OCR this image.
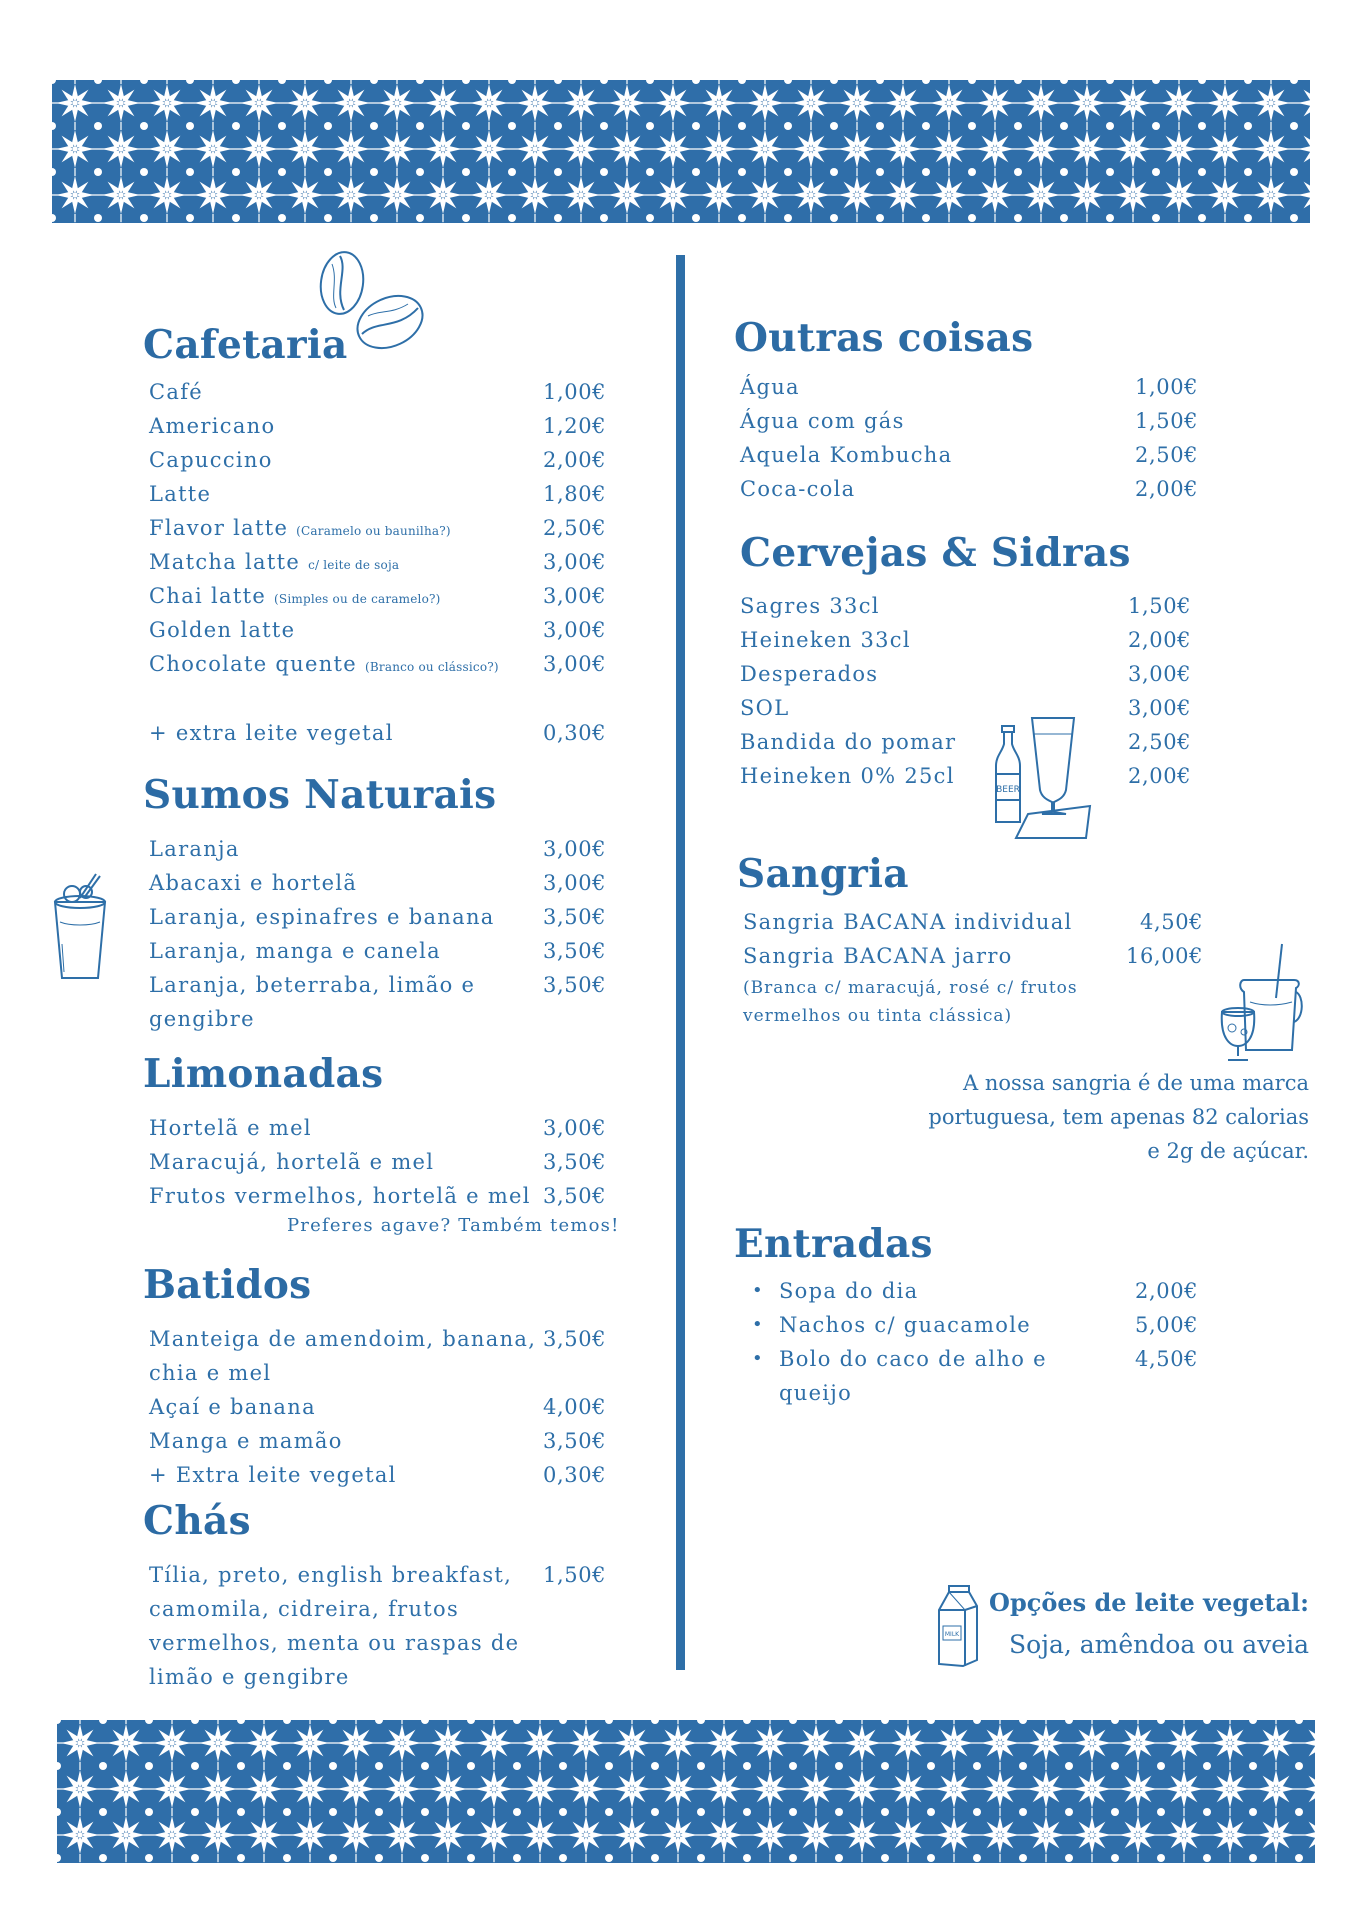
Cafetaria
Café	1,00€
Americano	1,20€
Capuccino	2,00€
Latte	1,80€
Flavor latte (Caramelo ou baunilha?)	2,50€
Matcha latte c/ leite de soja	3,00€
Chai latte (Simples ou de caramelo?)	3,00€
Golden latte	3,00€
Chocolate quente (Branco ou clássico?) 3,00€
+ extra leite vegetal	0,30€
Sumos Naturais
Laranja	3,00€
Abacaxi e hortelã	3,00€
Laranja, espinafres e banana 3,50€
Laranja, manga e canela	3,50€
Laranja, beterraba, limão e
gengibre
3,50€
Limonadas
Hortelã e mel	3,00€
Maracujá, hortelã e mel	3,50€
Frutos vermelhos, hortelã e mel 3,50€
Preferes agave? Também temos!
Batidos
Manteiga de amendoim, banana,
chia e mel
3,50€
Açaí e banana	4,00€
Manga e mamão	3,50€
+ Extra leite vegetal	0,30€
Chás
Tília, preto, english breakfast,
camomila, cidreira, frutos
vermelhos, menta ou raspas de
limão e gengibre
1,50€
Outras coisas
Água	1,00€
Água com gás	1,50€
Aquela Kombucha	2,50€
Coca-cola	2,00€
Cervejas & Sidras
Sagres 33cl	1,50€
Heineken 33cl	2,00€
Desperados	3,00€
SOL	3,00€
Bandida do pomar	2,50€
Heineken 0% 25cl	2,00€
BEER
Sangria
Sangria BACANA individual	4,50€
Sangria BACANA jarro	16,00€
(Branca c/ maracujá, rosé c/ frutos
vermelhos ou tinta clássica)
A nossa sangria é de uma marca
portuguesa, tem apenas 82 calorias
e 2g de açúcar.
Entradas
• Sopa do dia	2,00€
• Nachos c/ guacamole	5,00€
• Bolo do caco de alho e
queijo
4,50€
MILK
Opções de leite vegetal:
Soja, amêndoa ou aveia
